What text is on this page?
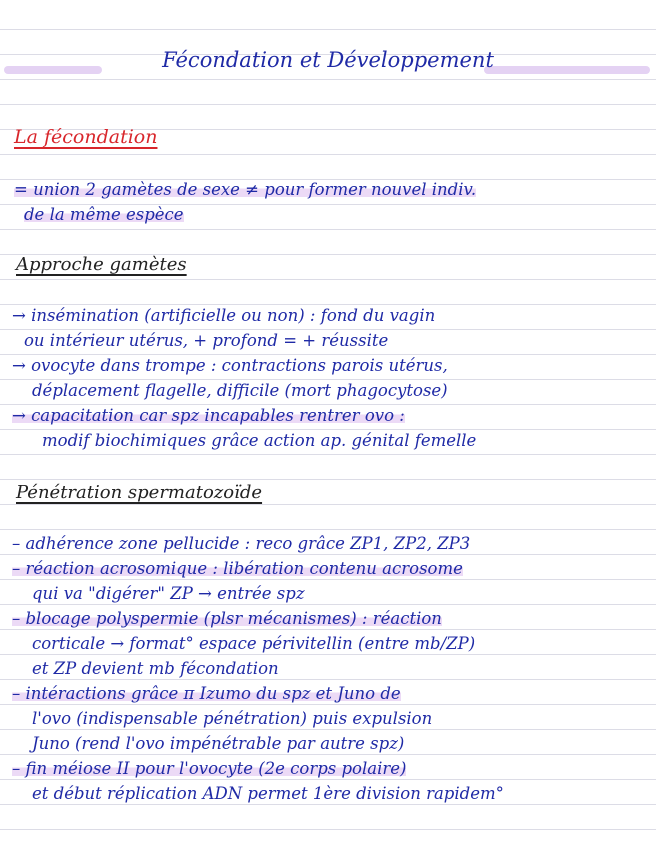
Fécondation et Développement
La fécondation
= union 2 gamètes de sexe ≠ pour former nouvel indiv.
de la même espèce
Approche gamètes
→ insémination (artificielle ou non) : fond du vagin
ou intérieur utérus, + profond = + réussite
→ ovocyte dans trompe : contractions parois utérus,
déplacement flagelle, difficile (mort phagocytose)
→ capacitation car spz incapables rentrer ovo :
modif biochimiques grâce action ap. génital femelle
Pénétration spermatozoïde
– adhérence zone pellucide : reco grâce ZP1, ZP2, ZP3
– réaction acrosomique : libération contenu acrosome
qui va "digérer" ZP → entrée spz
– blocage polyspermie (plsr mécanismes) : réaction
corticale → format° espace périvitellin (entre mb/ZP)
et ZP devient mb fécondation
– intéractions grâce π Izumo du spz et Juno de
l'ovo (indispensable pénétration) puis expulsion
Juno (rend l'ovo impénétrable par autre spz)
– fin méiose II pour l'ovocyte (2e corps polaire)
et début réplication ADN permet 1ère division rapidem°
